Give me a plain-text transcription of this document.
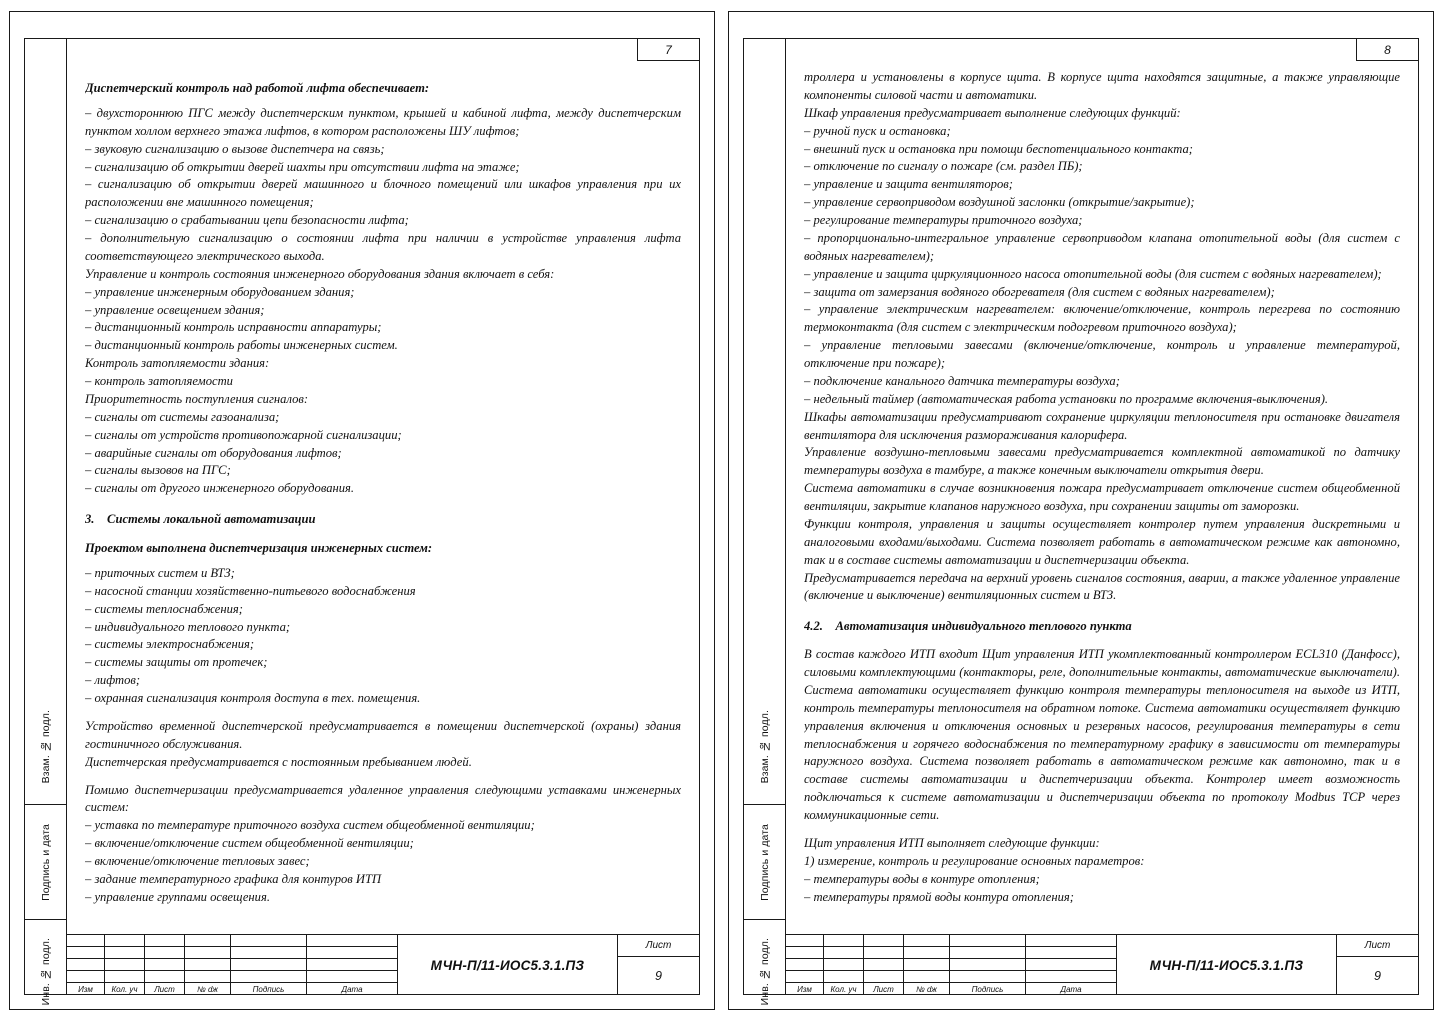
Взам. № подл.
Подпись и дата
Инв. № подл.
7

Диспетчерский контроль над работой лифта обеспечивает:

– двухстороннюю ПГС между диспетчерским пунктом, крышей и кабиной лифта, между диспетчерским пунктом холлом верхнего этажа лифтов, в котором расположены ШУ лифтов;

– звуковую сигнализацию о вызове диспетчера на связь;

– сигнализацию об открытии дверей шахты при отсутствии лифта на этаже;

– сигнализацию об открытии дверей машинного и блочного помещений или шкафов управления при их расположении вне машинного помещения;

– сигнализацию о срабатывании цепи безопасности лифта;

– дополнительную сигнализацию о состоянии лифта при наличии в устройстве управления лифта соответствующего электрического выхода.

Управление и контроль состояния инженерного оборудования здания включает в себя:

– управление инженерным оборудованием здания;

– управление освещением здания;

– дистанционный контроль исправности аппаратуры;

– дистанционный контроль работы инженерных систем.

Контроль затопляемости здания:

– контроль затопляемости

Приоритетность поступления сигналов:

– сигналы от системы газоанализа;

– сигналы от устройств противопожарной сигнализации;

– аварийные сигналы от оборудования лифтов;

– сигналы вызовов на ПГС;

– сигналы от другого инженерного оборудования.

3. Системы локальной автоматизации

Проектом выполнена диспетчеризация инженерных систем:

– приточных систем и ВТЗ;

– насосной станции хозяйственно-питьевого водоснабжения

– системы теплоснабжения;

– индивидуального теплового пункта;

– системы электроснабжения;

– системы защиты от протечек;

– лифтов;

– охранная сигнализация контроля доступа в тех. помещения.

Устройство временной диспетчерской предусматривается в помещении диспетчерской (охраны) здания гостиничного обслуживания.

Диспетчерская предусматривается с постоянным пребыванием людей.

Помимо диспетчеризации предусматривается удаленное управления следующими уставками инженерных систем:

– уставка по температуре приточного воздуха систем общеобменной вентиляции;

– включение/отключение систем общеобменной вентиляции;

– включение/отключение тепловых завес;

– задание температурного графика для контуров ИТП

– управление группами освещения.

Изм	Кол. уч	Лист	№ dж	Подпись	Дата
МЧН-П/11-ИОС5.3.1.ПЗ
Лист
9
Взам. № подл.
Подпись и дата
Инв. № подл.
8

троллера и установлены в корпусе щита. В корпусе щита находятся защитные, а также управляющие компоненты силовой части и автоматики.

Шкаф управления предусматривает выполнение следующих функций:

– ручной пуск и остановка;

– внешний пуск и остановка при помощи беспотенциального контакта;

– отключение по сигналу о пожаре (см. раздел ПБ);

– управление и защита вентиляторов;

– управление сервоприводом воздушной заслонки (открытие/закрытие);

– регулирование температуры приточного воздуха;

– пропорционально-интегральное управление сервоприводом клапана отопительной воды (для систем с водяных нагревателем);

– управление и защита циркуляционного насоса отопительной воды (для систем с водяных нагревателем);

– защита от замерзания водяного обогревателя (для систем с водяных нагревателем);

– управление электрическим нагревателем: включение/отключение, контроль перегрева по состоянию термоконтакта (для систем с электрическим подогревом приточного воздуха);

– управление тепловыми завесами (включение/отключение, контроль и управление температурой, отключение при пожаре);

– подключение канального датчика температуры воздуха;

– недельный таймер (автоматическая работа установки по программе включения-выключения).

Шкафы автоматизации предусматривают сохранение циркуляции теплоносителя при остановке двигателя вентилятора для исключения размораживания калорифера.

Управление воздушно-тепловыми завесами предусматривается комплектной автоматикой по датчику температуры воздуха в тамбуре, а также конечным выключатели открытия двери.

Система автоматики в случае возникновения пожара предусматривает отключение систем общеобменной вентиляции, закрытие клапанов наружного воздуха, при сохранении защиты от заморозки.

Функции контроля, управления и защиты осуществляет контролер путем управления дискретными и аналоговыми входами/выходами. Система позволяет работать в автоматическом режиме как автономно, так и в составе системы автоматизации и диспетчеризации объекта.

Предусматривается передача на верхний уровень сигналов состояния, аварии, а также удаленное управление (включение и выключение) вентиляционных систем и ВТЗ.

4.2. Автоматизация индивидуального теплового пункта

В состав каждого ИТП входит Щит управления ИТП укомплектованный контроллером ECL310 (Данфосс), силовыми комплектующими (контакторы, реле, дополнительные контакты, автоматические выключатели). Система автоматики осуществляет функцию контроля температуры теплоносителя на выходе из ИТП, контроль температуры теплоносителя на обратном потоке. Система автоматики осуществляет функцию управления включения и отключения основных и резервных насосов, регулирования температуры в сети теплоснабжения и горячего водоснабжения по температурному графику в зависимости от температуры наружного воздуха. Система позволяет работать в автоматическом режиме как автономно, так и в составе системы автоматизации и диспетчеризации объекта. Контролер имеет возможность подключаться к системе автоматизации и диспетчеризации объекта по протоколу Modbus TCP через коммуникационные сети.

Щит управления ИТП выполняет следующие функции:

1) измерение, контроль и регулирование основных параметров:

– температуры воды в контуре отопления;

– температуры прямой воды контура отопления;

Изм	Кол. уч	Лист	№ dж	Подпись	Дата
МЧН-П/11-ИОС5.3.1.ПЗ
Лист
9
